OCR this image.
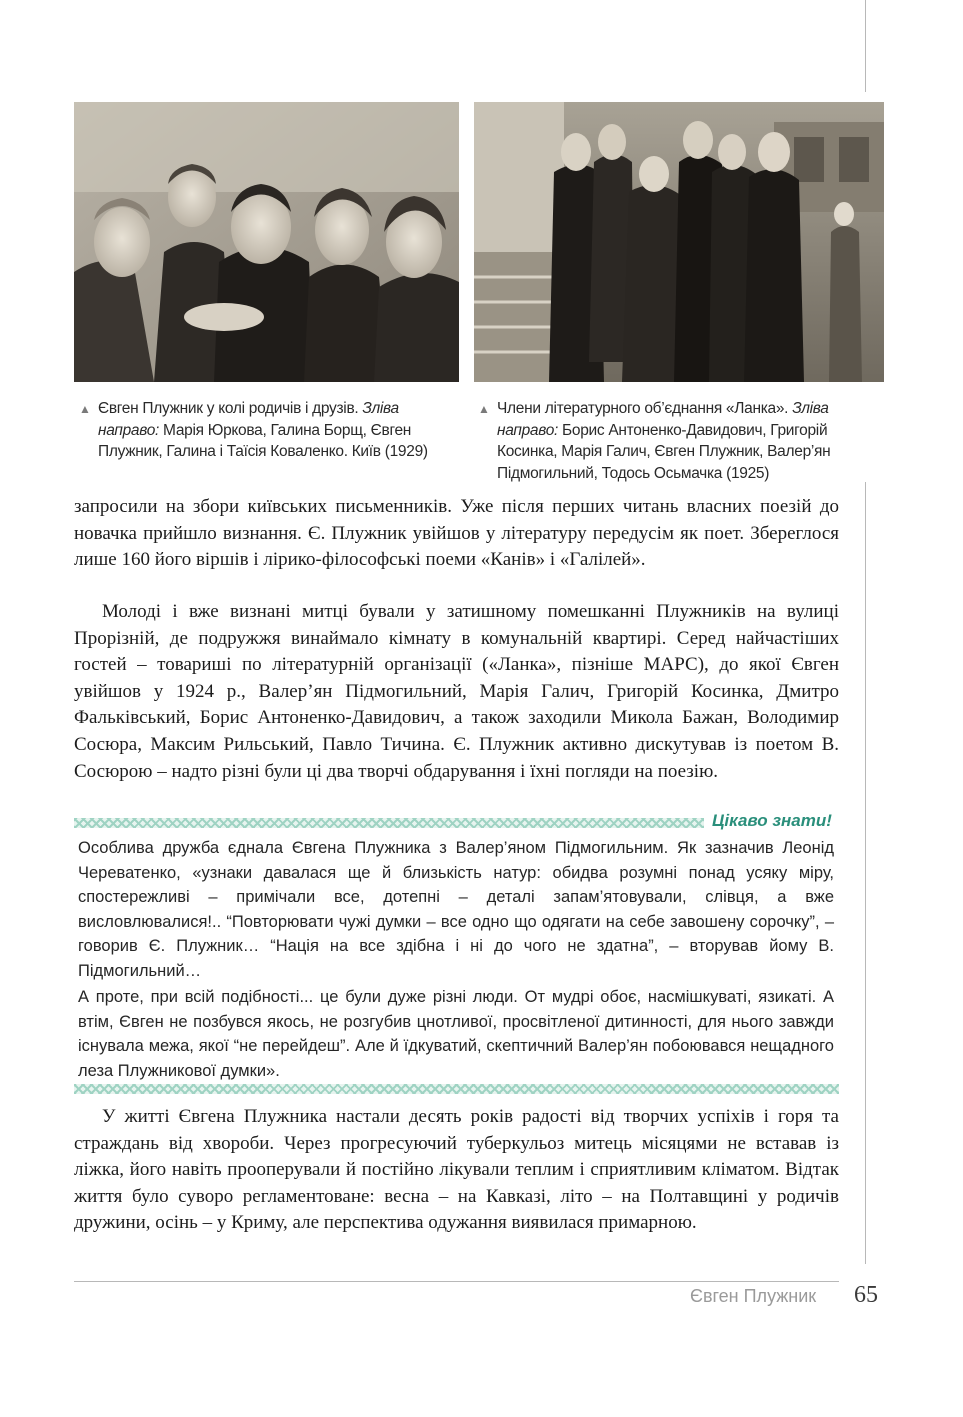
▲ Євген Плужник у колі родичів і друзів. Зліва направо: Марія Юркова, Галина Борщ, Євген Плужник, Галина і Таїсія Коваленко. Київ (1929)
▲ Члени літературного об’єднання «Ланка». Зліва направо: Борис Антоненко-Давидович, Григорій Косинка, Марія Галич, Євген Плужник, Валер’ян Підмогильний, Тодось Осьмачка (1925)

запросили на збори київських письменників. Уже після перших читань власних поезій до новачка прийшло визнання. Є. Плужник увійшов у літературу передусім як поет. Збереглося лише 160 його віршів і лірико-філософські поеми «Канів» і «Галілей».

Молоді і вже визнані митці бували у затишному помешканні Плужників на вулиці Прорізній, де подружжя винаймало кімнату в комунальній квартирі. Серед найчастіших гостей – товариші по літературній організації («Ланка», пізніше МАРС), до якої Євген увійшов у 1924 р., Валер’ян Підмогильний, Марія Галич, Григорій Косинка, Дмитро Фальківський, Борис Антоненко-Давидович, а також заходили Микола Бажан, Володимир Сосюра, Максим Рильський, Павло Тичина. Є. Плужник активно дискутував із поетом В. Сосюрою – надто різні були ці два творчі обдарування і їхні погляди на поезію.

Цікаво знати!

Особлива дружба єднала Євгена Плужника з Валер’яном Підмогильним. Як зазначив Леонід Череватенко, «узнаки давалася ще й близькість натур: обидва розумні понад усяку міру, спостережливі – примічали все, дотепні – деталі запам’ятовували, слівця, а вже висловлювалися!.. “Повторювати чужі думки – все одно що одягати на себе завошену сорочку”, – говорив Є. Плужник… “Нація на все здібна і ні до чого не здатна”, – вторував йому В. Підмогильний…

А проте, при всій подібності... це були дуже різні люди. От мудрі обоє, насмішкуваті, язикаті. А втім, Євген не позбувся якось, не розгубив цнотливої, просвітленої дитинності, для нього завжди існувала межа, якої “не перейдеш”. Але й їдкуватий, скептичний Валер’ян побоювався нещадного леза Плужникової думки».

У житті Євгена Плужника настали десять років радості від творчих успіхів і горя та страждань від хвороби. Через прогресуючий туберкульоз митець місяцями не вставав із ліжка, його навіть прооперували й постійно лікували теплим і сприятливим кліматом. Відтак життя було суворо регламентоване: весна – на Кавказі, літо – на Полтавщині у родичів дружини, осінь – у Криму, але перспектива одужання виявилася примарною.

Євген Плужник 65
